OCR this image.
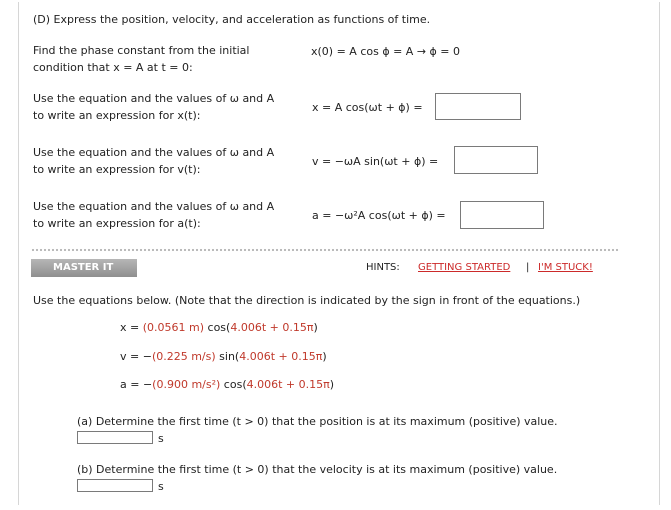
(D) Express the position, velocity, and acceleration as functions of time.
Find the phase constant from the initial
condition that x = A at t = 0:
x(0) = A cos ϕ = A → ϕ = 0
Use the equation and the values of ω and A
to write an expression for x(t):
x = A cos(ωt + ϕ) =
Use the equation and the values of ω and A
to write an expression for v(t):
v = −ωA sin(ωt + ϕ) =
Use the equation and the values of ω and A
to write an expression for a(t):
a = −ω²A cos(ωt + ϕ) =
MASTER IT	HINTS: GETTING STARTED | I'M STUCK!
Use the equations below. (Note that the direction is indicated by the sign in front of the equations.)
x = (0.0561 m) cos(4.006t + 0.15π)
v = −(0.225 m/s) sin(4.006t + 0.15π)
a = −(0.900 m/s²) cos(4.006t + 0.15π)
(a) Determine the first time (t > 0) that the position is at its maximum (positive) value.
s
(b) Determine the first time (t > 0) that the velocity is at its maximum (positive) value.
s
